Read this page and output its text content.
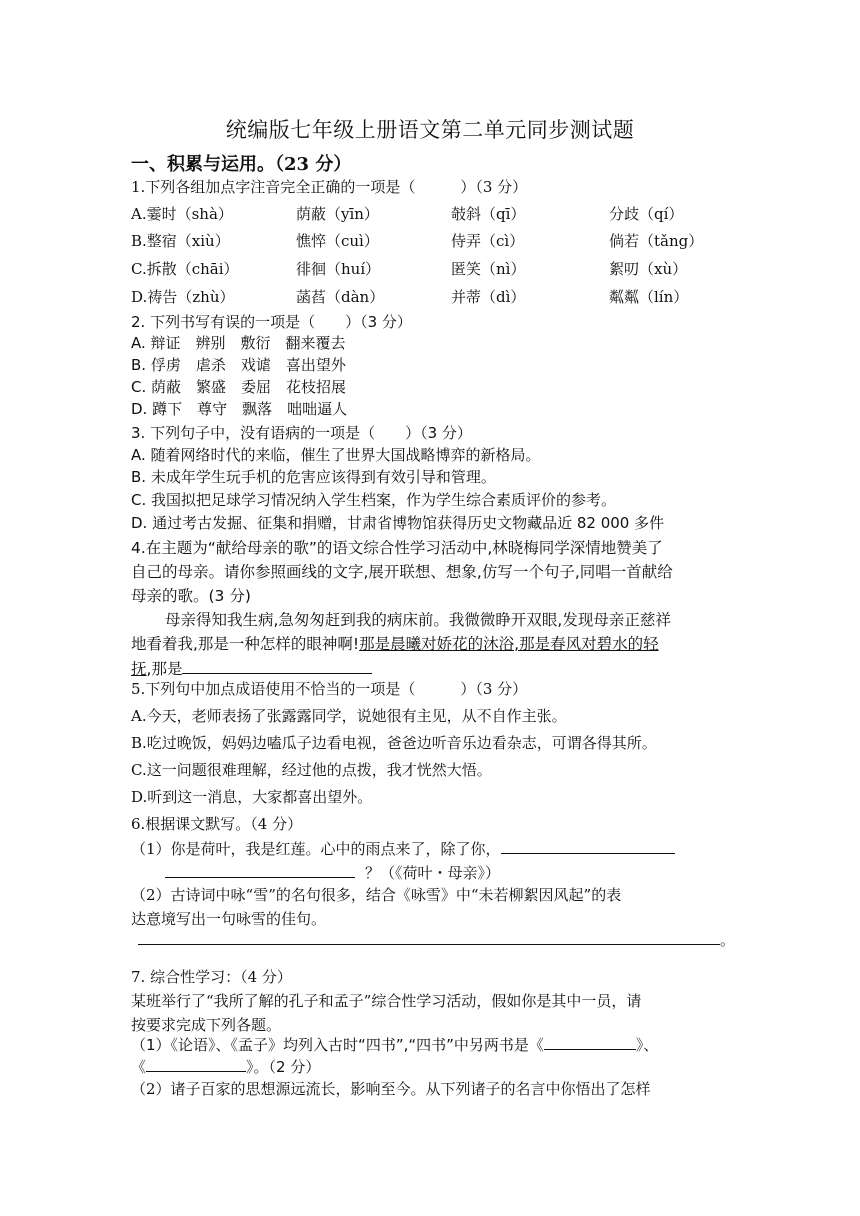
统编版七年级上册语文第二单元同步测试题
一、积累与运用。（23 分）
1.下列各组加点字注音完全正确的一项是（　　　）（3 分）
A.霎时（shà）	荫蔽（yīn）	攲斜（qī）	分歧（qí）
B.整宿（xiù）	憔悴（cuì）	侍弄（cì）	倘若（tǎng）
C.拆散（chāi）	徘徊（huí）	匿笑（nì）	絮叨（xù）
D.祷告（zhù）	菡萏（dàn）	并蒂（dì）	粼粼（lín）
2. 下列书写有误的一项是（　　）（3 分）
A. 辩证　辨别　敷衍　翻来覆去
B. 俘虏　虐杀　戏谑　喜出望外
C. 荫蔽　繁盛　委屈　花枝招展
D. 蹲下　尊守　飘落　咄咄逼人
3. 下列句子中，没有语病的一项是（　　）（3 分）
A. 随着网络时代的来临，催生了世界大国战略博弈的新格局。
B. 未成年学生玩手机的危害应该得到有效引导和管理。
C. 我国拟把足球学习情况纳入学生档案，作为学生综合素质评价的参考。
D. 通过考古发掘、征集和捐赠，甘肃省博物馆获得历史文物藏品近 82 000 多件
4.在主题为“献给母亲的歌”的语文综合性学习活动中,林晓梅同学深情地赞美了
自己的母亲。请你参照画线的文字,展开联想、想象,仿写一个句子,同唱一首献给
母亲的歌。(3 分)
母亲得知我生病,急匆匆赶到我的病床前。我微微睁开双眼,发现母亲正慈祥
地看着我,那是一种怎样的眼神啊!那是晨曦对娇花的沐浴,那是春风对碧水的轻
抚,那是
5.下列句中加点成语使用不恰当的一项是（　　　）（3 分）
A.今天，老师表扬了张露露同学，说她很有主见，从不自作主张。
B.吃过晚饭，妈妈边嗑瓜子边看电视，爸爸边听音乐边看杂志，可谓各得其所。
C.这一问题很难理解，经过他的点拨，我才恍然大悟。
D.听到这一消息，大家都喜出望外。
6.根据课文默写。（4 分）
（1）你是荷叶，我是红莲。心中的雨点来了，除了你，
？（《荷叶・母亲》）
（2）古诗词中咏“雪”的名句很多，结合《咏雪》中“未若柳絮因风起”的表
达意境写出一句咏雪的佳句。
。
7. 综合性学习：（4 分）
某班举行了“我所了解的孔子和孟子”综合性学习活动，假如你是其中一员，请
按要求完成下列各题。
（1）《论语》、《孟子》均列入古时“四书”,“四书”中另两书是《	》、
《	》。（2 分）
（2）诸子百家的思想源远流长，影响至今。从下列诸子的名言中你悟出了怎样
